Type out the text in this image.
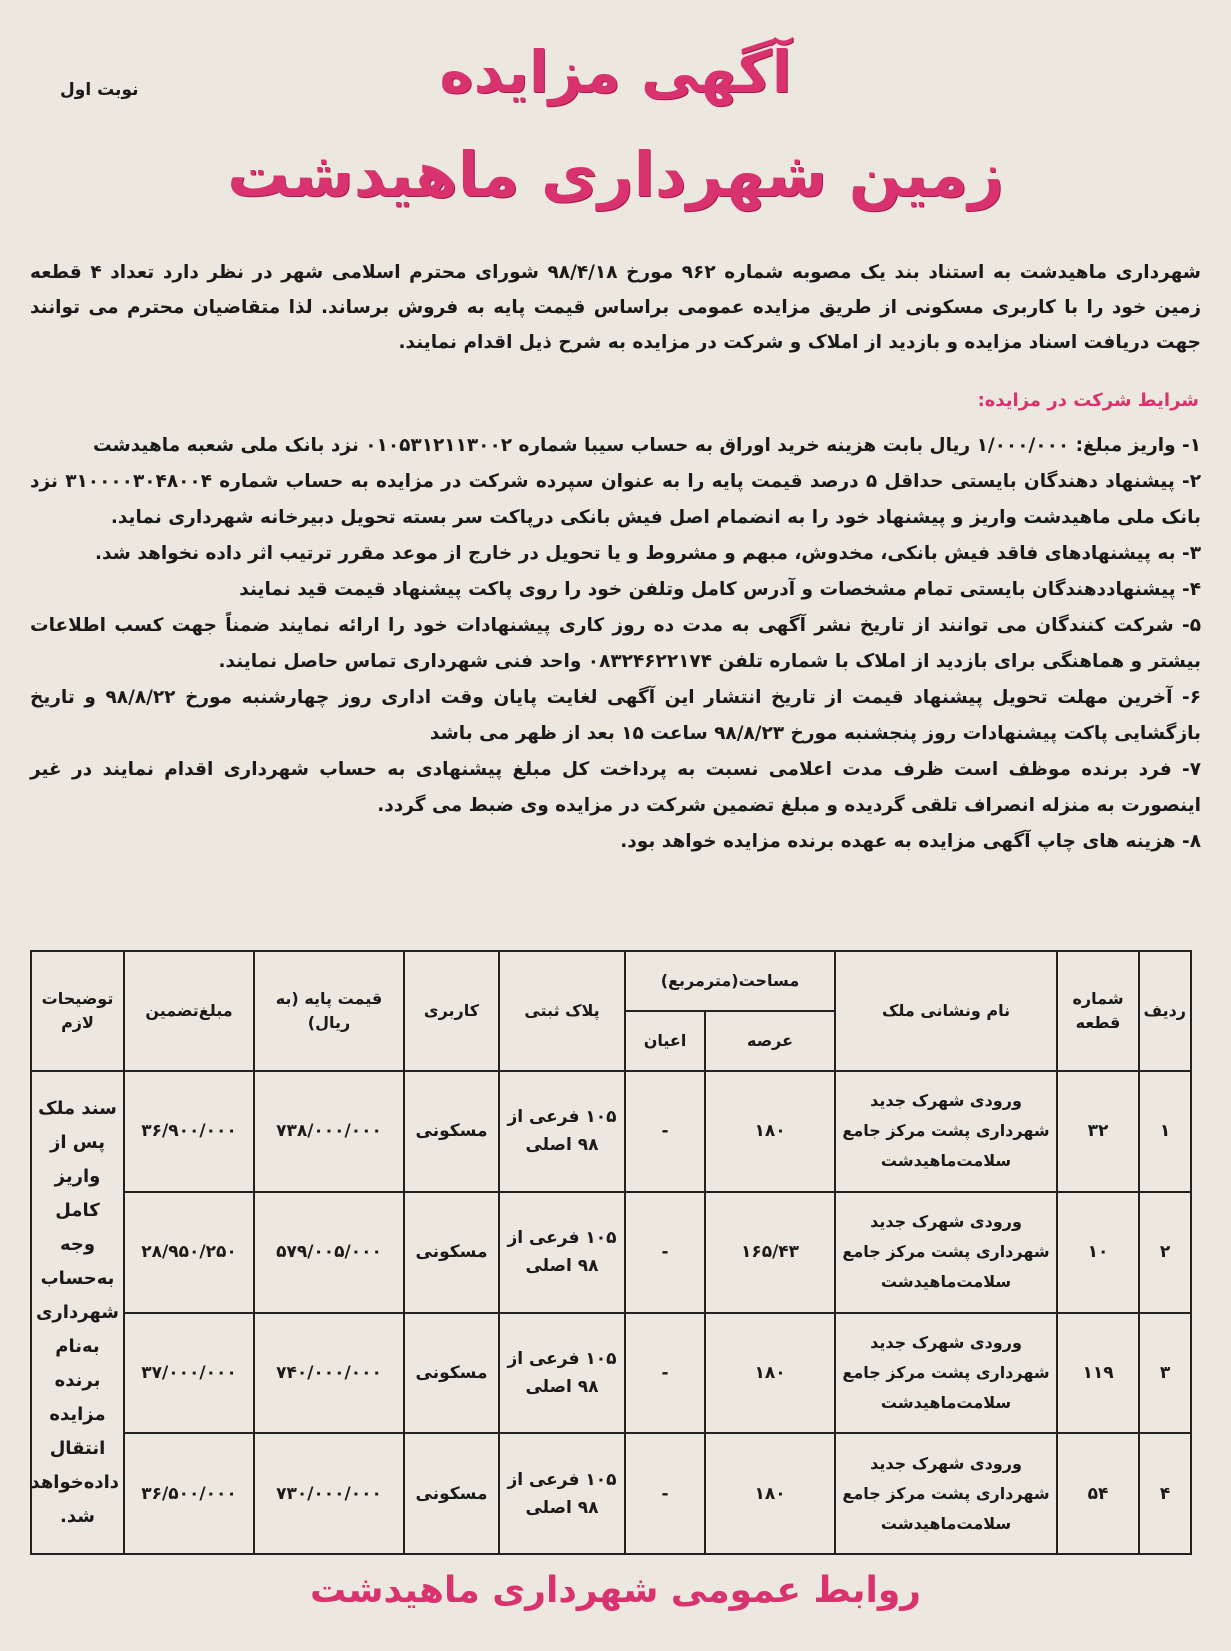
نوبت اول	آگهی مزایده
زمین شهرداری ماهیدشت
شهرداری ماهیدشت به استناد بند یک مصوبه شماره ۹۶۲ مورخ ۹۸/۴/۱۸ شورای محترم اسلامی شهر در نظر دارد تعداد ۴ قطعه زمین خود را با کاربری مسکونی از طریق مزایده عمومی براساس قیمت پایه به فروش برساند. لذا متقاضیان محترم می توانند جهت دریافت اسناد مزایده و بازدید از املاک و شرکت در مزایده به شرح ذیل اقدام نمایند.
شرایط شرکت در مزایده:

۱- واریز مبلغ: ۱/۰۰۰/۰۰۰ ریال بابت هزینه خرید اوراق به حساب سیبا شماره ۰۱۰۵۳۱۲۱۱۳۰۰۲ نزد بانک ملی شعبه ماهیدشت

۲- پیشنهاد دهندگان بایستی حداقل ۵ درصد قیمت پایه را به عنوان سپرده شرکت در مزایده به حساب شماره ۳۱۰۰۰۰۳۰۴۸۰۰۴ نزد بانک ملی ماهیدشت واریز و پیشنهاد خود را به انضمام اصل فیش بانکی درپاکت سر بسته تحویل دبیرخانه شهرداری نماید.

۳- به پیشنهادهای فاقد فیش بانکی، مخدوش، مبهم و مشروط و یا تحویل در خارج از موعد مقرر ترتیب اثر داده نخواهد شد.

۴- پیشنهاددهندگان بایستی تمام مشخصات و آدرس کامل وتلفن خود را روی پاکت پیشنهاد قیمت قید نمایند

۵- شرکت کنندگان می توانند از تاریخ نشر آگهی به مدت ده روز کاری پیشنهادات خود را ارائه نمایند ضمناً جهت کسب اطلاعات بیشتر و هماهنگی برای بازدید از املاک با شماره تلفن ۰۸۳۲۴۶۲۲۱۷۴ واحد فنی شهرداری تماس حاصل نمایند.

۶- آخرین مهلت تحویل پیشنهاد قیمت از تاریخ انتشار این آگهی لغایت پایان وقت اداری روز چهارشنبه مورخ ۹۸/۸/۲۲ و تاریخ بازگشایی پاکت پیشنهادات روز پنجشنبه مورخ ۹۸/۸/۲۳ ساعت ۱۵ بعد از ظهر می باشد

۷- فرد برنده موظف است ظرف مدت اعلامی نسبت به پرداخت کل مبلغ پیشنهادی به حساب شهرداری اقدام نمایند در غیر اینصورت به منزله انصراف تلقی گردیده و مبلغ تضمین شرکت در مزایده وی ضبط می گردد.

۸- هزینه های چاپ آگهی مزایده به عهده برنده مزایده خواهد بود.

ردیف	شماره قطعه	نام ونشانی ملک	مساحت(مترمربع)		پلاک ثبتی	کاربری	قیمت پایه (به ریال)	مبلغ‌تضمین	توضیحات لازم
			عرصه	اعیان					
۱	۳۲	ورودی شهرک جدید شهرداری پشت مرکز جامع سلامت‌ماهیدشت	۱۸۰	-	۱۰۵ فرعی از ۹۸ اصلی	مسکونی	۷۳۸/۰۰۰/۰۰۰	۳۶/۹۰۰/۰۰۰	سند ملک پس از واریز کامل وجه به‌حساب شهرداری به‌نام برنده مزایده انتقال داده‌خواهد شد.
۲	۱۰	ورودی شهرک جدید شهرداری پشت مرکز جامع سلامت‌ماهیدشت	۱۶۵/۴۳	-	۱۰۵ فرعی از ۹۸ اصلی	مسکونی	۵۷۹/۰۰۵/۰۰۰	۲۸/۹۵۰/۲۵۰	
۳	۱۱۹	ورودی شهرک جدید شهرداری پشت مرکز جامع سلامت‌ماهیدشت	۱۸۰	-	۱۰۵ فرعی از ۹۸ اصلی	مسکونی	۷۴۰/۰۰۰/۰۰۰	۳۷/۰۰۰/۰۰۰	
۴	۵۴	ورودی شهرک جدید شهرداری پشت مرکز جامع سلامت‌ماهیدشت	۱۸۰	-	۱۰۵ فرعی از ۹۸ اصلی	مسکونی	۷۳۰/۰۰۰/۰۰۰	۳۶/۵۰۰/۰۰۰	
روابط عمومی شهرداری ماهیدشت
